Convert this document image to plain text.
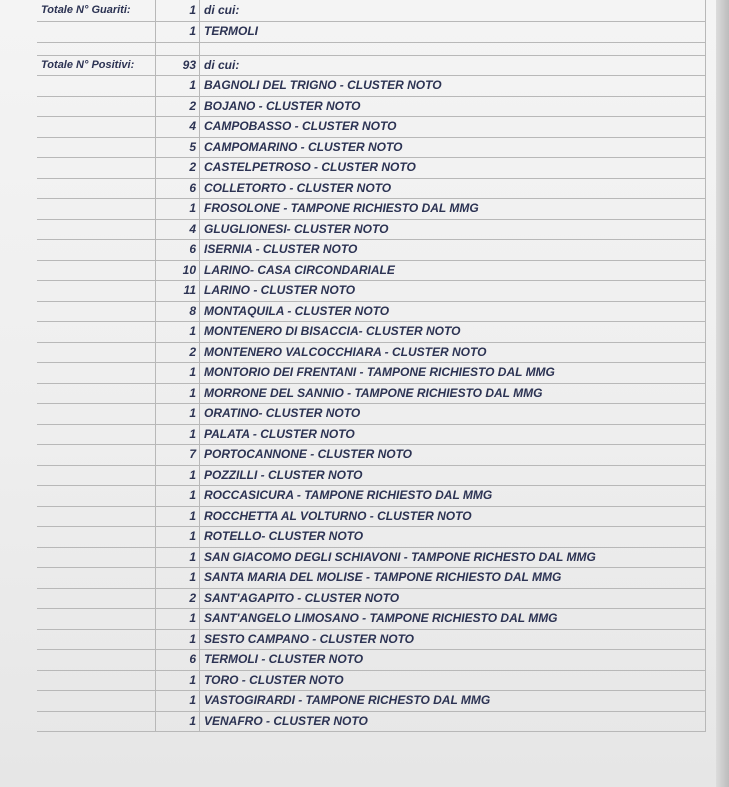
Totale N° Guariti:	1	di cui:
	1	TERMOLI

Totale N° Positivi:	93	di cui:
	1	BAGNOLI DEL TRIGNO - CLUSTER NOTO
	2	BOJANO - CLUSTER NOTO
	4	CAMPOBASSO - CLUSTER NOTO
	5	CAMPOMARINO - CLUSTER NOTO
	2	CASTELPETROSO - CLUSTER NOTO
	6	COLLETORTO - CLUSTER NOTO
	1	FROSOLONE - TAMPONE RICHIESTO DAL MMG
	4	GLUGLIONESI- CLUSTER NOTO
	6	ISERNIA - CLUSTER NOTO
	10	LARINO- CASA CIRCONDARIALE
	11	LARINO - CLUSTER NOTO
	8	MONTAQUILA - CLUSTER NOTO
	1	MONTENERO DI BISACCIA- CLUSTER NOTO
	2	MONTENERO VALCOCCHIARA - CLUSTER NOTO
	1	MONTORIO DEI FRENTANI - TAMPONE RICHIESTO DAL MMG
	1	MORRONE DEL SANNIO - TAMPONE RICHIESTO DAL MMG
	1	ORATINO- CLUSTER NOTO
	1	PALATA - CLUSTER NOTO
	7	PORTOCANNONE - CLUSTER NOTO
	1	POZZILLI - CLUSTER NOTO
	1	ROCCASICURA - TAMPONE RICHIESTO DAL MMG
	1	ROCCHETTA AL VOLTURNO - CLUSTER NOTO
	1	ROTELLO- CLUSTER NOTO
	1	SAN GIACOMO DEGLI SCHIAVONI - TAMPONE RICHESTO DAL MMG
	1	SANTA MARIA DEL MOLISE - TAMPONE RICHIESTO DAL MMG
	2	SANT'AGAPITO - CLUSTER NOTO
	1	SANT'ANGELO LIMOSANO - TAMPONE RICHIESTO DAL MMG
	1	SESTO CAMPANO - CLUSTER NOTO
	6	TERMOLI - CLUSTER NOTO
	1	TORO - CLUSTER NOTO
	1	VASTOGIRARDI - TAMPONE RICHESTO DAL MMG
	1	VENAFRO - CLUSTER NOTO
